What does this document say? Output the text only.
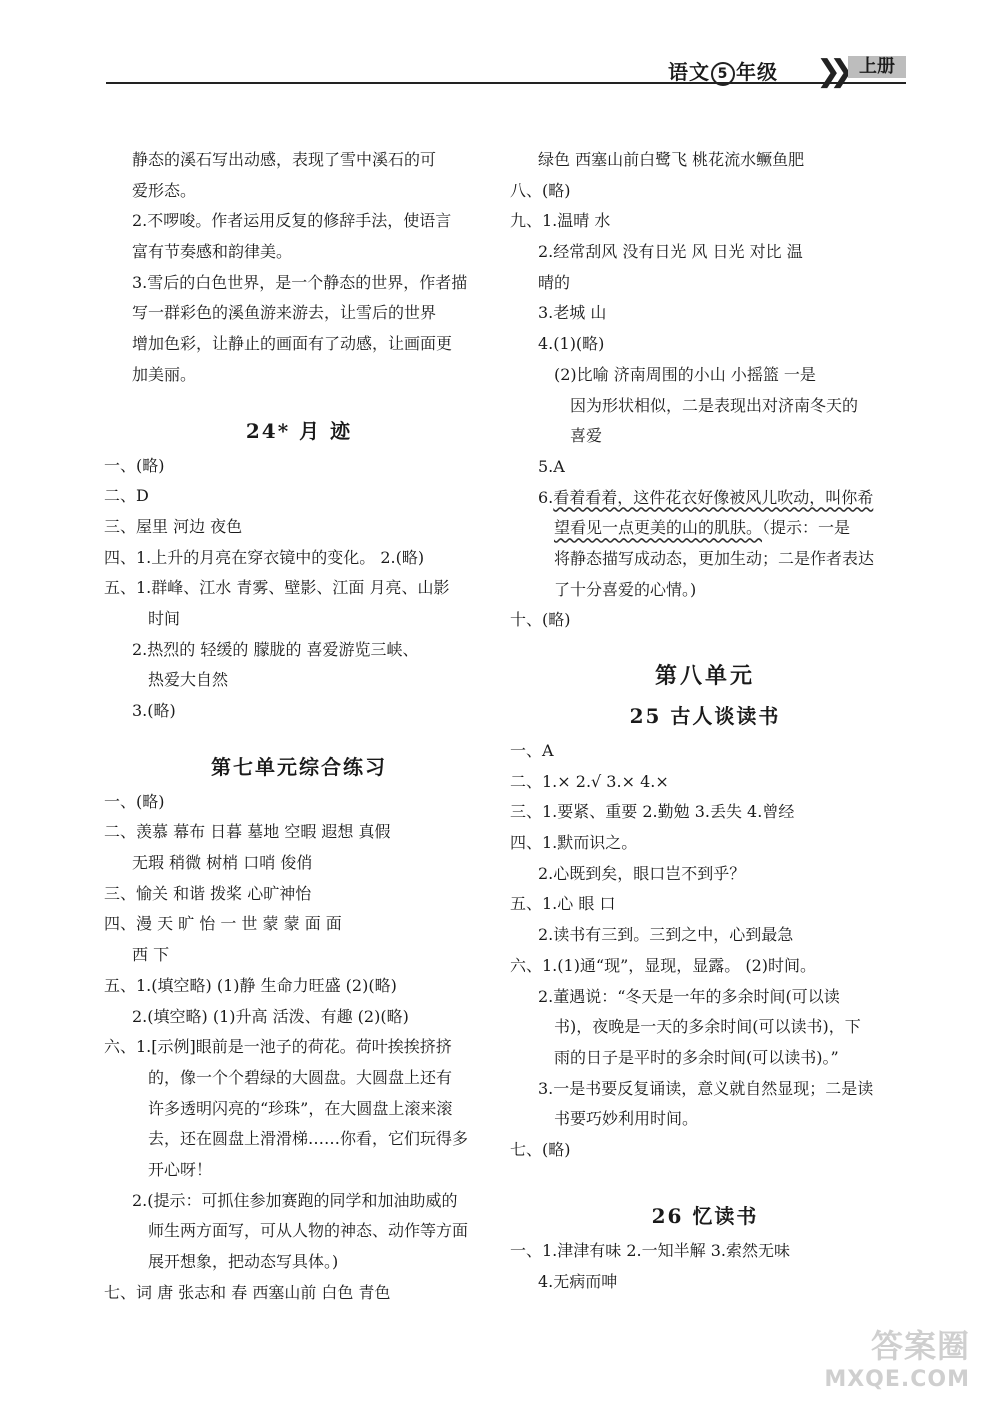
语文 5 年级 ❯❯ 上册
静态的溪石写出动感，表现了雪中溪石的可
爱形态。
2.不啰唆。作者运用反复的修辞手法，使语言
富有节奏感和韵律美。
3.雪后的白色世界，是一个静态的世界，作者描
写一群彩色的溪鱼游来游去，让雪后的世界
增加色彩，让静止的画面有了动感，让画面更
加美丽。
24* 月 迹
一、(略)
二、D
三、屋里 河边 夜色
四、1.上升的月亮在穿衣镜中的变化。 2.(略)
五、1.群峰、江水 青雾、壁影、江面 月亮、山影
时间
2.热烈的 轻缓的 朦胧的 喜爱游览三峡、
热爱大自然
3.(略)
第七单元综合练习
一、(略)
二、羡慕 幕布 日暮 墓地 空暇 遐想 真假
无瑕 稍微 树梢 口哨 俊俏
三、愉关 和谐 拨桨 心旷神怡
四、漫 天 旷 怡 一 世 蒙 蒙 面 面
西 下
五、1.(填空略) (1)静 生命力旺盛 (2)(略)
2.(填空略) (1)升高 活泼、有趣 (2)(略)
六、1.[示例]眼前是一池子的荷花。荷叶挨挨挤挤
的，像一个个碧绿的大圆盘。大圆盘上还有
许多透明闪亮的“珍珠”，在大圆盘上滚来滚
去，还在圆盘上滑滑梯……你看，它们玩得多
开心呀！
2.(提示：可抓住参加赛跑的同学和加油助威的
师生两方面写，可从人物的神态、动作等方面
展开想象，把动态写具体。)
七、词 唐 张志和 春 西塞山前 白色 青色
绿色 西塞山前白鹭飞 桃花流水鳜鱼肥
八、(略)
九、1.温晴 水
2.经常刮风 没有日光 风 日光 对比 温
晴的
3.老城 山
4.(1)(略)
(2)比喻 济南周围的小山 小摇篮 一是
因为形状相似，二是表现出对济南冬天的
喜爱
5.A
6.看着看着，这件花衣好像被风儿吹动，叫你希
望看见一点更美的山的肌肤。（提示：一是
将静态描写成动态，更加生动；二是作者表达
了十分喜爱的心情。)
十、(略)
第八单元
25 古人谈读书
一、A
二、1.× 2.√ 3.× 4.×
三、1.要紧、重要 2.勤勉 3.丢失 4.曾经
四、1.默而识之。
2.心既到矣，眼口岂不到乎？
五、1.心 眼 口
2.读书有三到。三到之中，心到最急
六、1.(1)通“现”，显现，显露。 (2)时间。
2.董遇说：“冬天是一年的多余时间(可以读
书)，夜晚是一天的多余时间(可以读书)，下
雨的日子是平时的多余时间(可以读书)。”
3.一是书要反复诵读，意义就自然显现；二是读
书要巧妙利用时间。
七、(略)
26 忆读书
一、1.津津有味 2.一知半解 3.索然无味
4.无病而呻
答案圈
MXQE.COM
